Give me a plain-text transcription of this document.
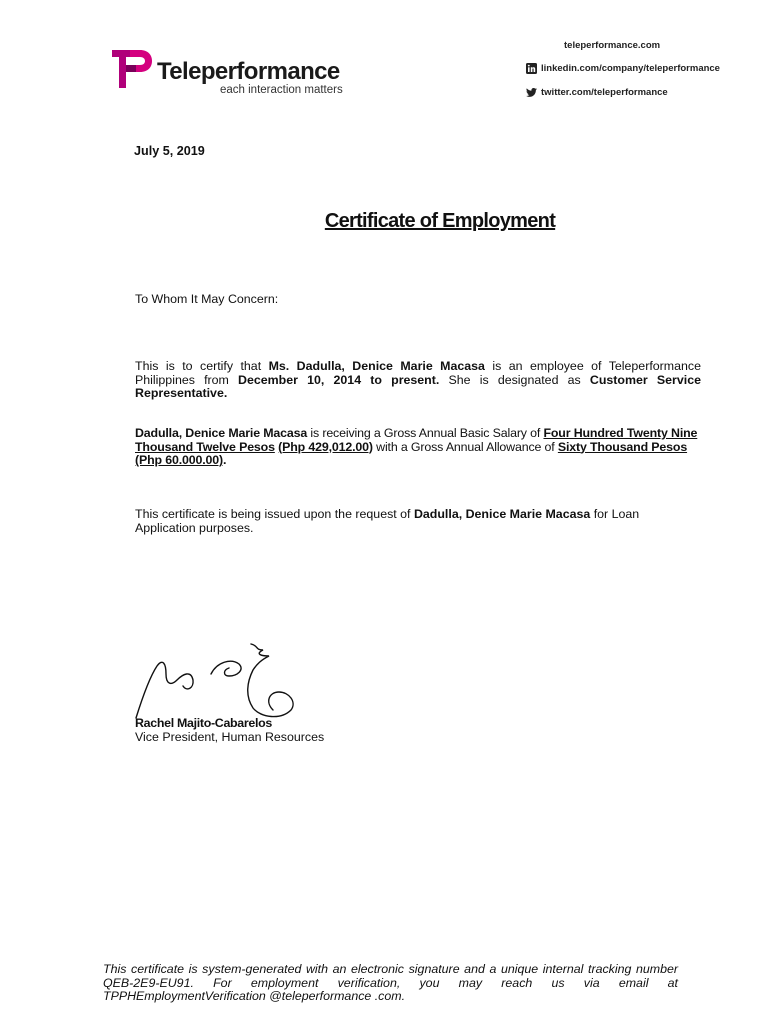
Teleperformance
each interaction matters
teleperformance.com
linkedin.com/company/teleperformance
twitter.com/teleperformance
July 5, 2019
Certificate of Employment
To Whom It May Concern:
This is to certify that Ms. Dadulla, Denice Marie Macasa is an employee of Teleperformance Philippines from December 10, 2014 to present. She is designated as Customer Service Representative.
Dadulla, Denice Marie Macasa is receiving a Gross Annual Basic Salary of Four Hundred Twenty Nine Thousand Twelve Pesos (Php 429,012.00) with a Gross Annual Allowance of Sixty Thousand Pesos (Php 60.000.00).
This certificate is being issued upon the request of Dadulla, Denice Marie Macasa for Loan Application purposes.
Rachel Majito-Cabarelos
Vice President, Human Resources
This certificate is system-generated with an electronic signature and a unique internal tracking number QEB-2E9-EU91. For employment verification, you may reach us via email at TPPHEmploymentVerification @teleperformance .com.
